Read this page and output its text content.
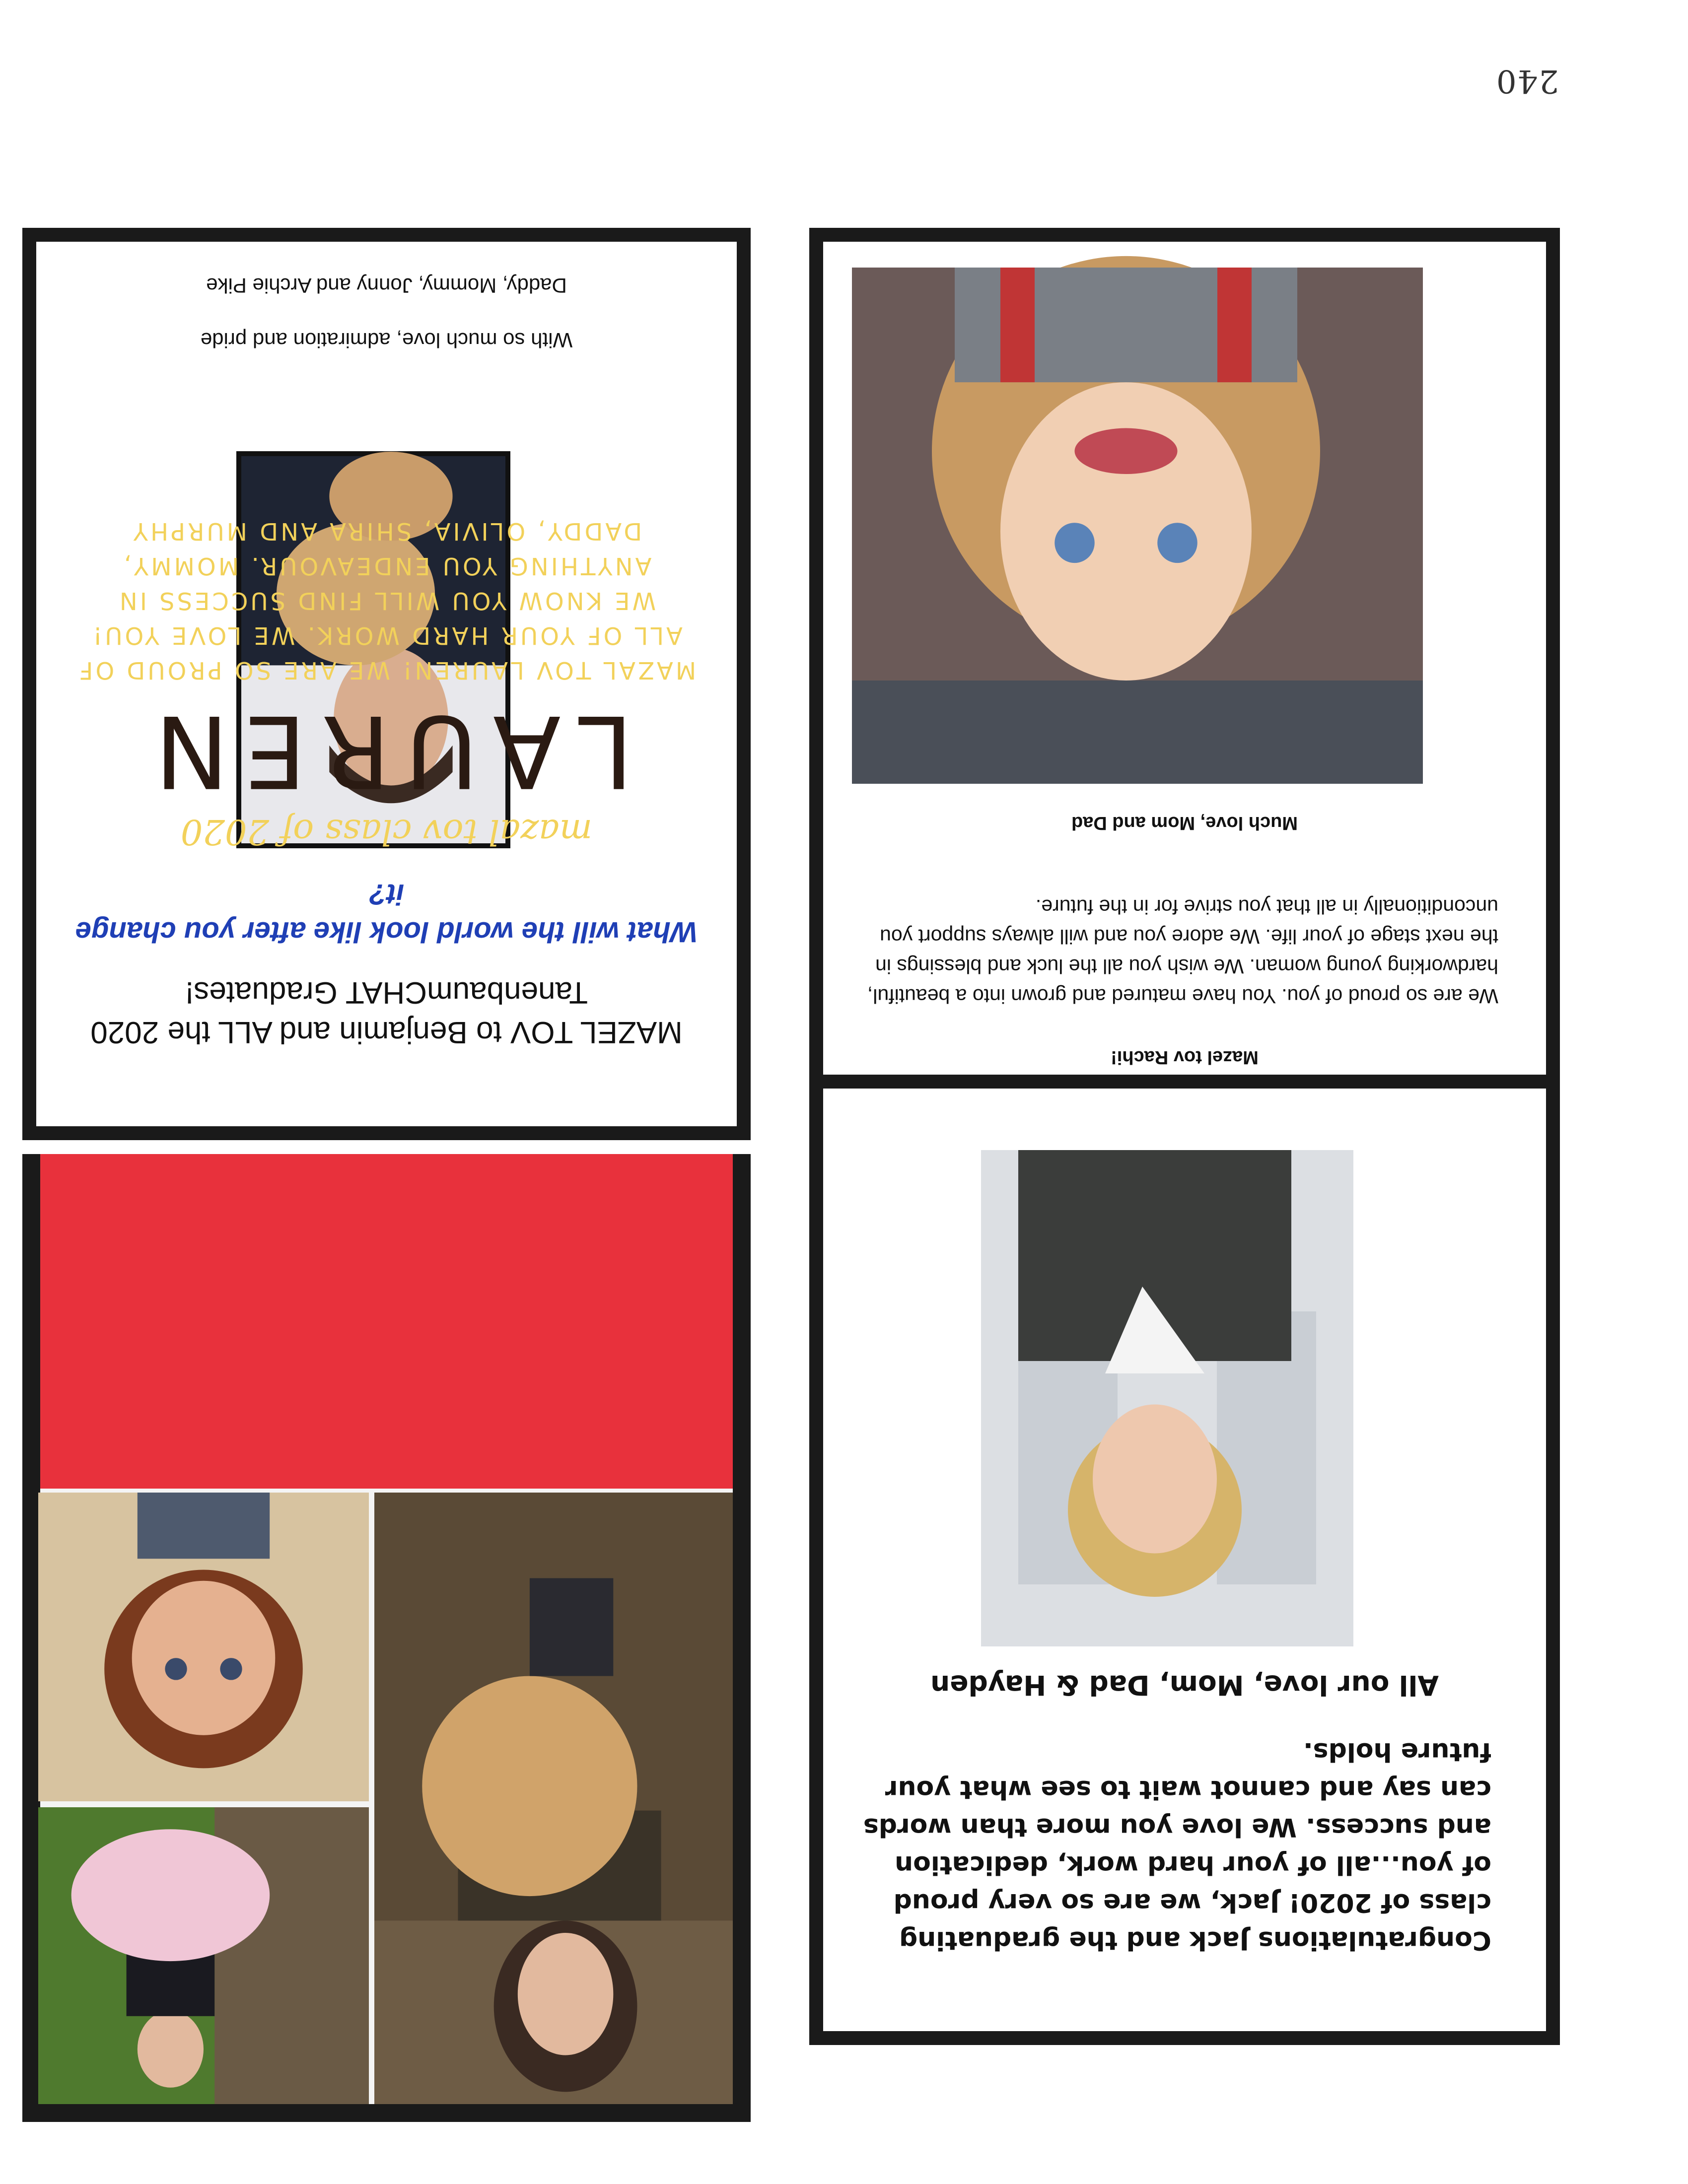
Mazel tov Rachi!
We are so proud of you. You have matured and grown into a beautiful, hardworking young woman. We wish you all the luck and blessings in the next stage of your life. We adore you and will always support you unconditionally in all that you strive for in the future.
Much love, Mom and Dad
MAZEL TOV to Benjamin and ALL the 2020 TanenbaumCHAT Graduates!
What will the world look like after you change it?
With so much love, admiration and pride
Daddy, Mommy, Jonny and Archie Pike
mazal tov class of 2020
LAUREN
MAZAL TOV LAUREN! WE ARE SO PROUD OF ALL OF YOUR HARD WORK. WE LOVE YOU! WE KNOW YOU WILL FIND SUCCESS IN ANYTHING YOU ENDEAVOUR. MOMMY, DADDY, OLIVIA, SHIRA AND MURPHY
Congratulations Jack and the graduating class of 2020! Jack, we are so very proud of you...all of your hard work, dedication and success. We love you more than words can say and cannot wait to see what your future holds.
All our love, Mom, Dad & Hayden
240
